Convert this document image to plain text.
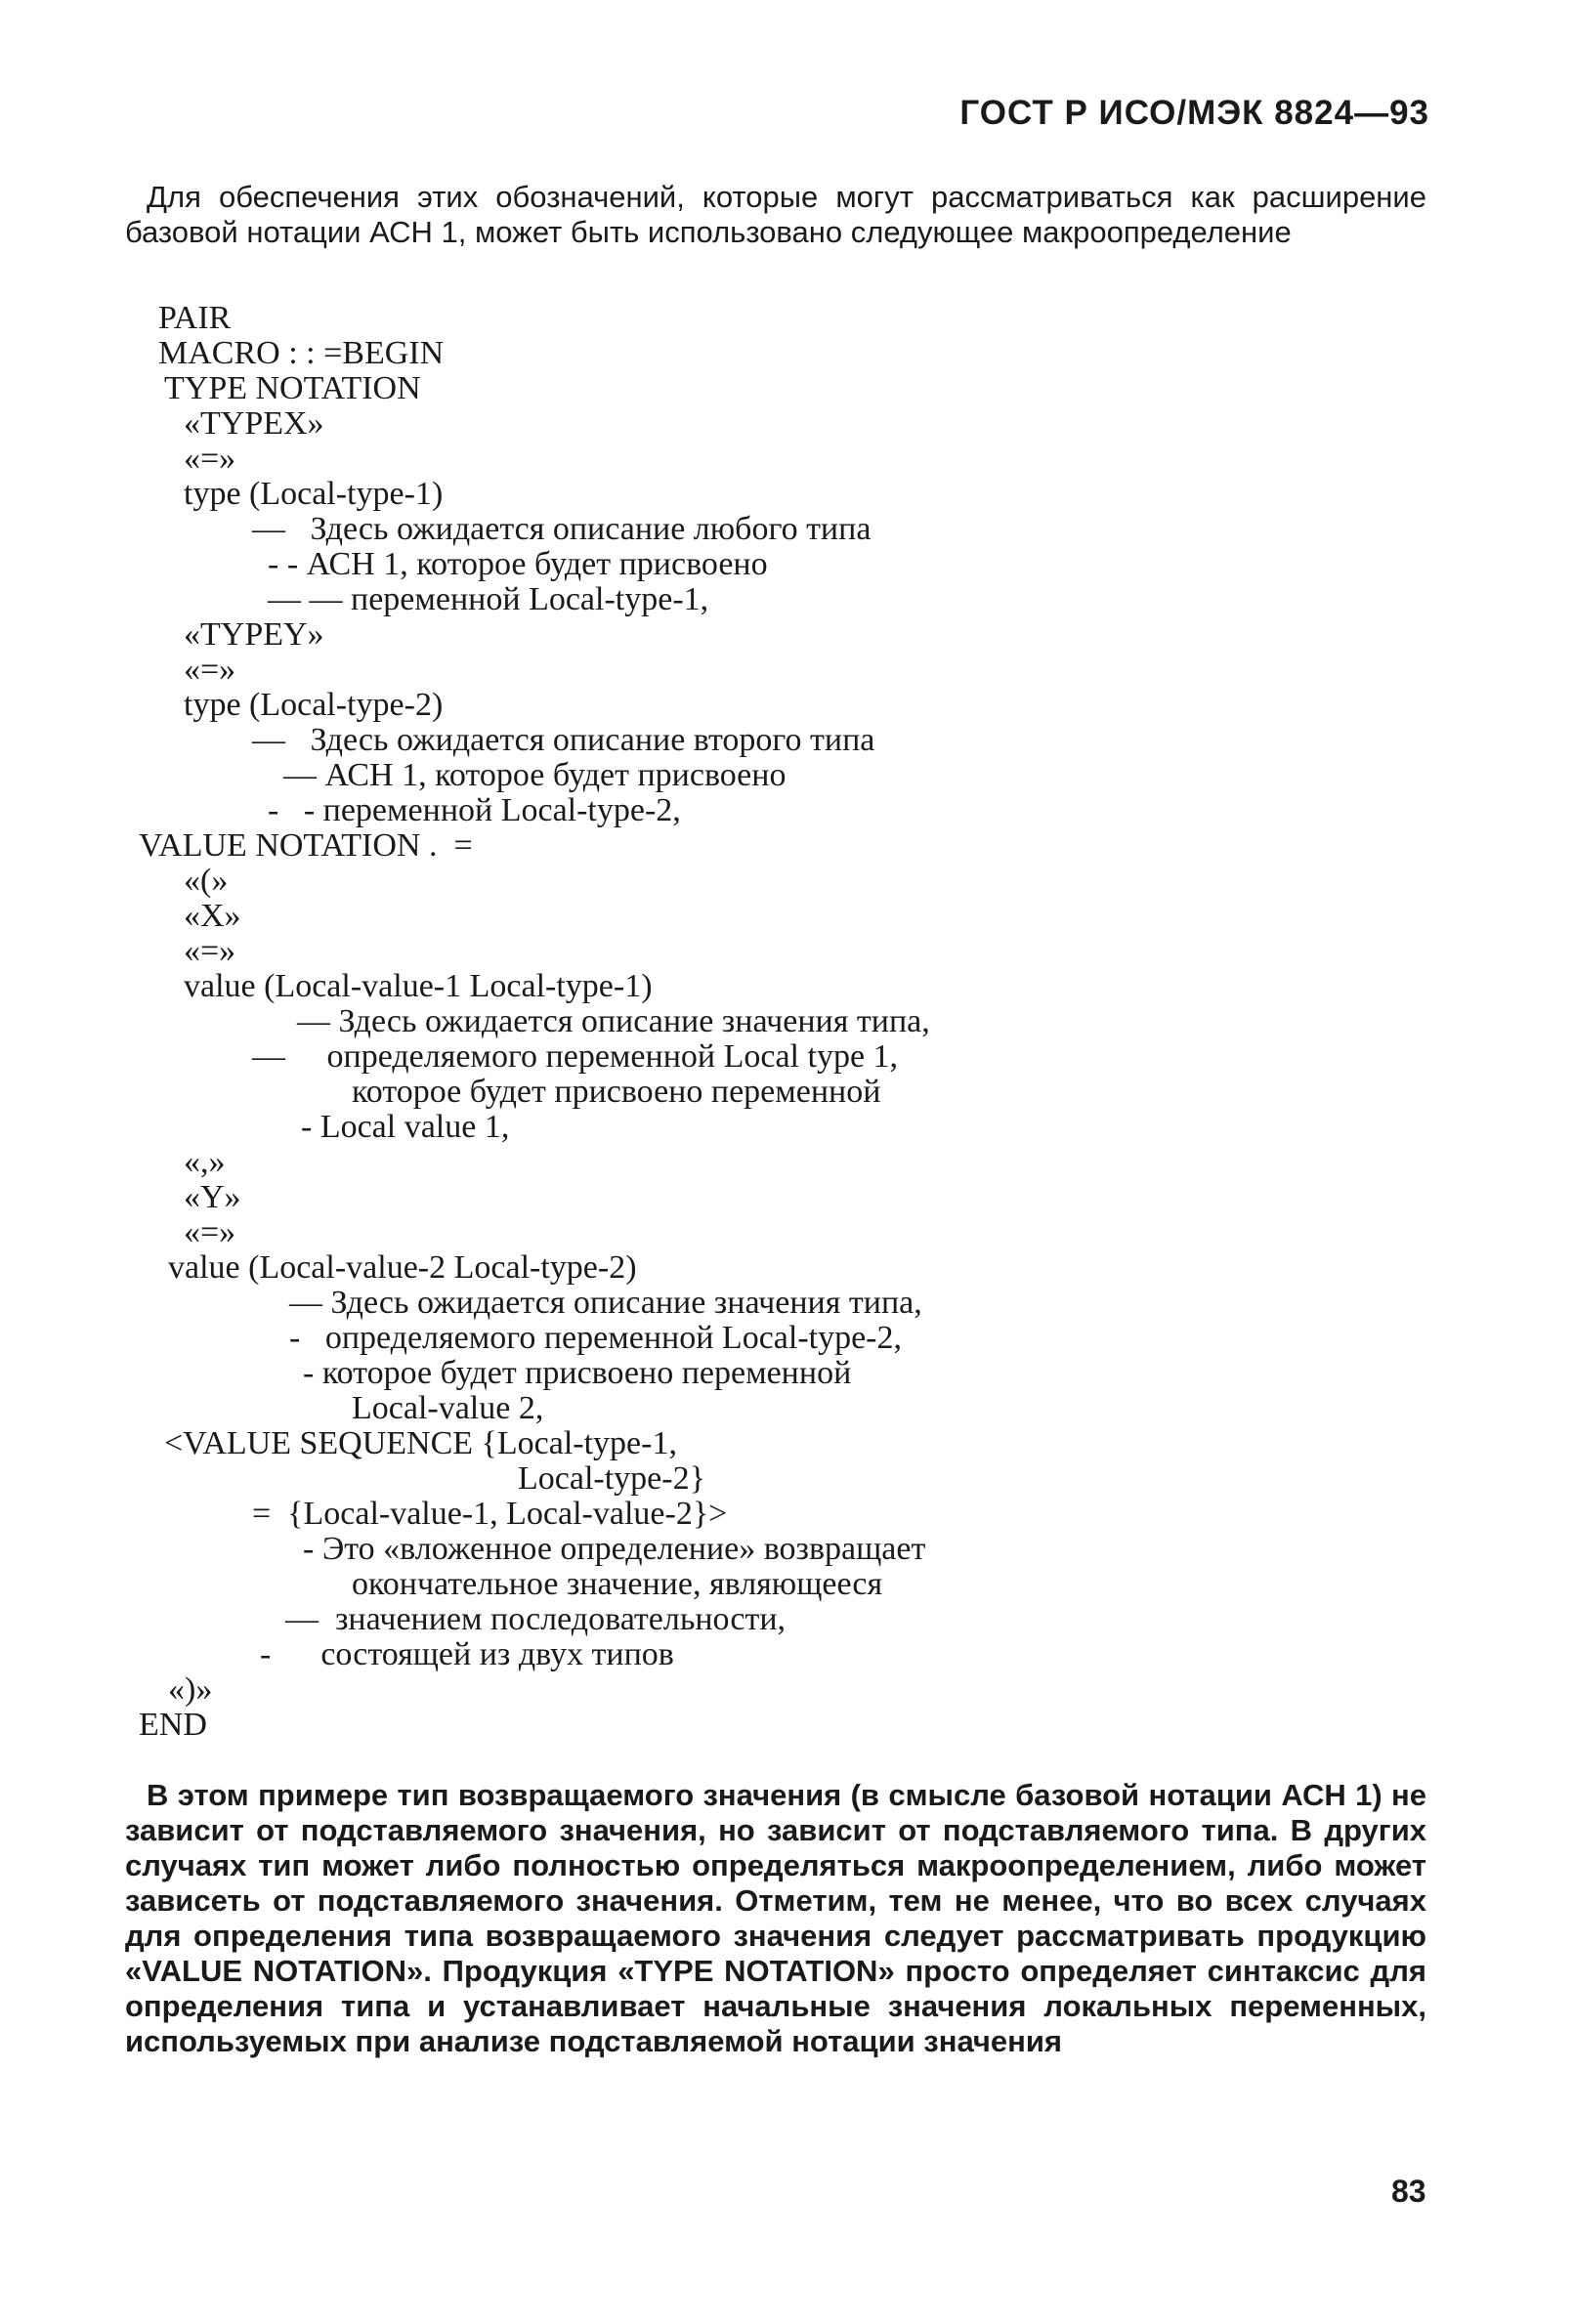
ГОСТ Р ИСО/МЭК 8824—93

Для обеспечения этих обозначений, которые могут рассматриваться как расширение базовой нотации АСН 1, может быть использовано следующее макроопределение

PAIR
MACRO : : =BEGIN
TYPE NOTATION
«TYPEX»
«=»
type (Local-type-1)
—   Здесь ожидается описание любого типа
- - АСН 1, которое будет присвоено
— — переменной Local-type-1,
«TYPEY»
«=»
type (Local-type-2)
—   Здесь ожидается описание второго типа
— АСН 1, которое будет присвоено
-   - переменной Local-type-2,
VALUE NOTATION .  =
«(»
«X»
«=»
value (Local-value-1 Local-type-1)
— Здесь ожидается описание значения типа,
—     определяемого переменной Local type 1,
которое будет присвоено переменной
- Local value 1,
«,»
«Y»
«=»
value (Local-value-2 Local-type-2)
— Здесь ожидается описание значения типа,
-   определяемого переменной Local-type-2,
- которое будет присвоено переменной
Local-value 2,
<VALUE SEQUENCE {Local-type-1,
Local-type-2}
=  {Local-value-1, Local-value-2}>
- Это «вложенное определение» возвращает
окончательное значение, являющееся
—  значением последовательности,
-      состоящей из двух типов
«)»
END

В этом примере тип возвращаемого значения (в смысле базовой нотации АСН 1) не зависит от подставляемого значения, но зависит от подставляемого типа. В других случаях тип может либо полностью определяться макроопределением, либо может зависеть от подставляемого значения. Отметим, тем не менее, что во всех случаях для определения типа возвращаемого значения следует рассматривать продукцию «VALUE NOTATION». Продукция «TYPE NOTATION» просто определяет синтаксис для определения типа и устанавливает начальные значения локальных переменных, используемых при анализе подставляемой нотации значения

83
